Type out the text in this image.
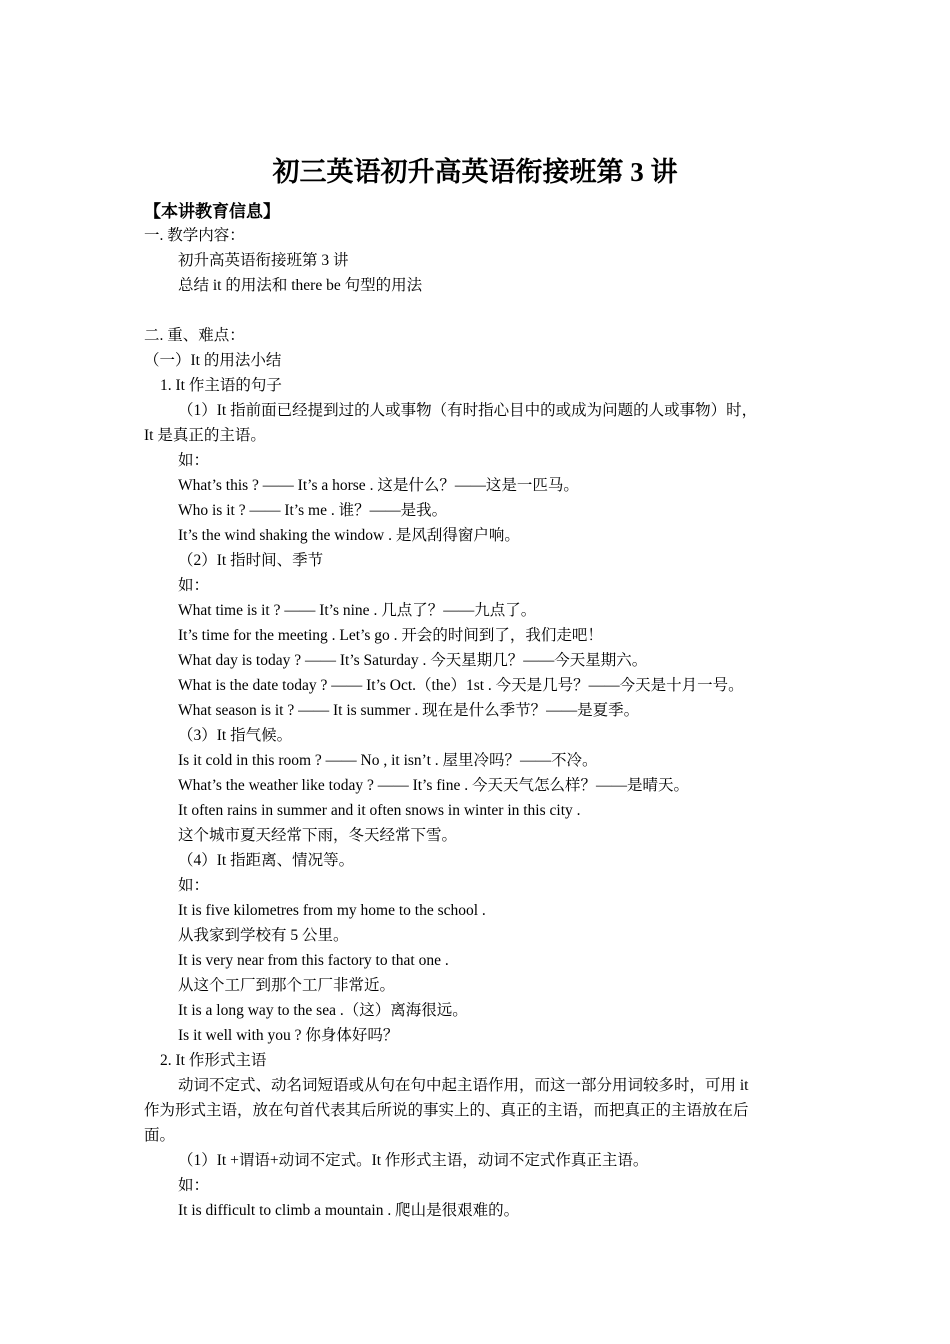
初三英语初升高英语衔接班第 3 讲
【本讲教育信息】
一. 教学内容：
初升高英语衔接班第 3 讲
总结 it 的用法和 there be 句型的用法
二. 重、难点：
（一）It 的用法小结
1. It 作主语的句子
（1）It 指前面已经提到过的人或事物（有时指心目中的或成为问题的人或事物）时，
It 是真正的主语。
如：
What’s this ? —— It’s a horse . 这是什么？——这是一匹马。
Who is it ? —— It’s me . 谁？——是我。
It’s the wind shaking the window . 是风刮得窗户响。
（2）It 指时间、季节
如：
What time is it ? —— It’s nine . 几点了？——九点了。
It’s time for the meeting . Let’s go . 开会的时间到了，我们走吧！
What day is today ? —— It’s Saturday . 今天星期几？——今天星期六。
What is the date today ? —— It’s Oct.（the）1st . 今天是几号？——今天是十月一号。
What season is it ? —— It is summer . 现在是什么季节？——是夏季。
（3）It 指气候。
Is it cold in this room ? —— No , it isn’t . 屋里冷吗？——不冷。
What’s the weather like today ? —— It’s fine . 今天天气怎么样？——是晴天。
It often rains in summer and it often snows in winter in this city .
这个城市夏天经常下雨，冬天经常下雪。
（4）It 指距离、情况等。
如：
It is five kilometres from my home to the school .
从我家到学校有 5 公里。
It is very near from this factory to that one .
从这个工厂到那个工厂非常近。
It is a long way to the sea .（这）离海很远。
Is it well with you ? 你身体好吗？
2. It 作形式主语
动词不定式、动名词短语或从句在句中起主语作用，而这一部分用词较多时，可用 it
作为形式主语，放在句首代表其后所说的事实上的、真正的主语，而把真正的主语放在后
面。
（1）It +谓语+动词不定式。It 作形式主语，动词不定式作真正主语。
如：
It is difficult to climb a mountain . 爬山是很艰难的。
